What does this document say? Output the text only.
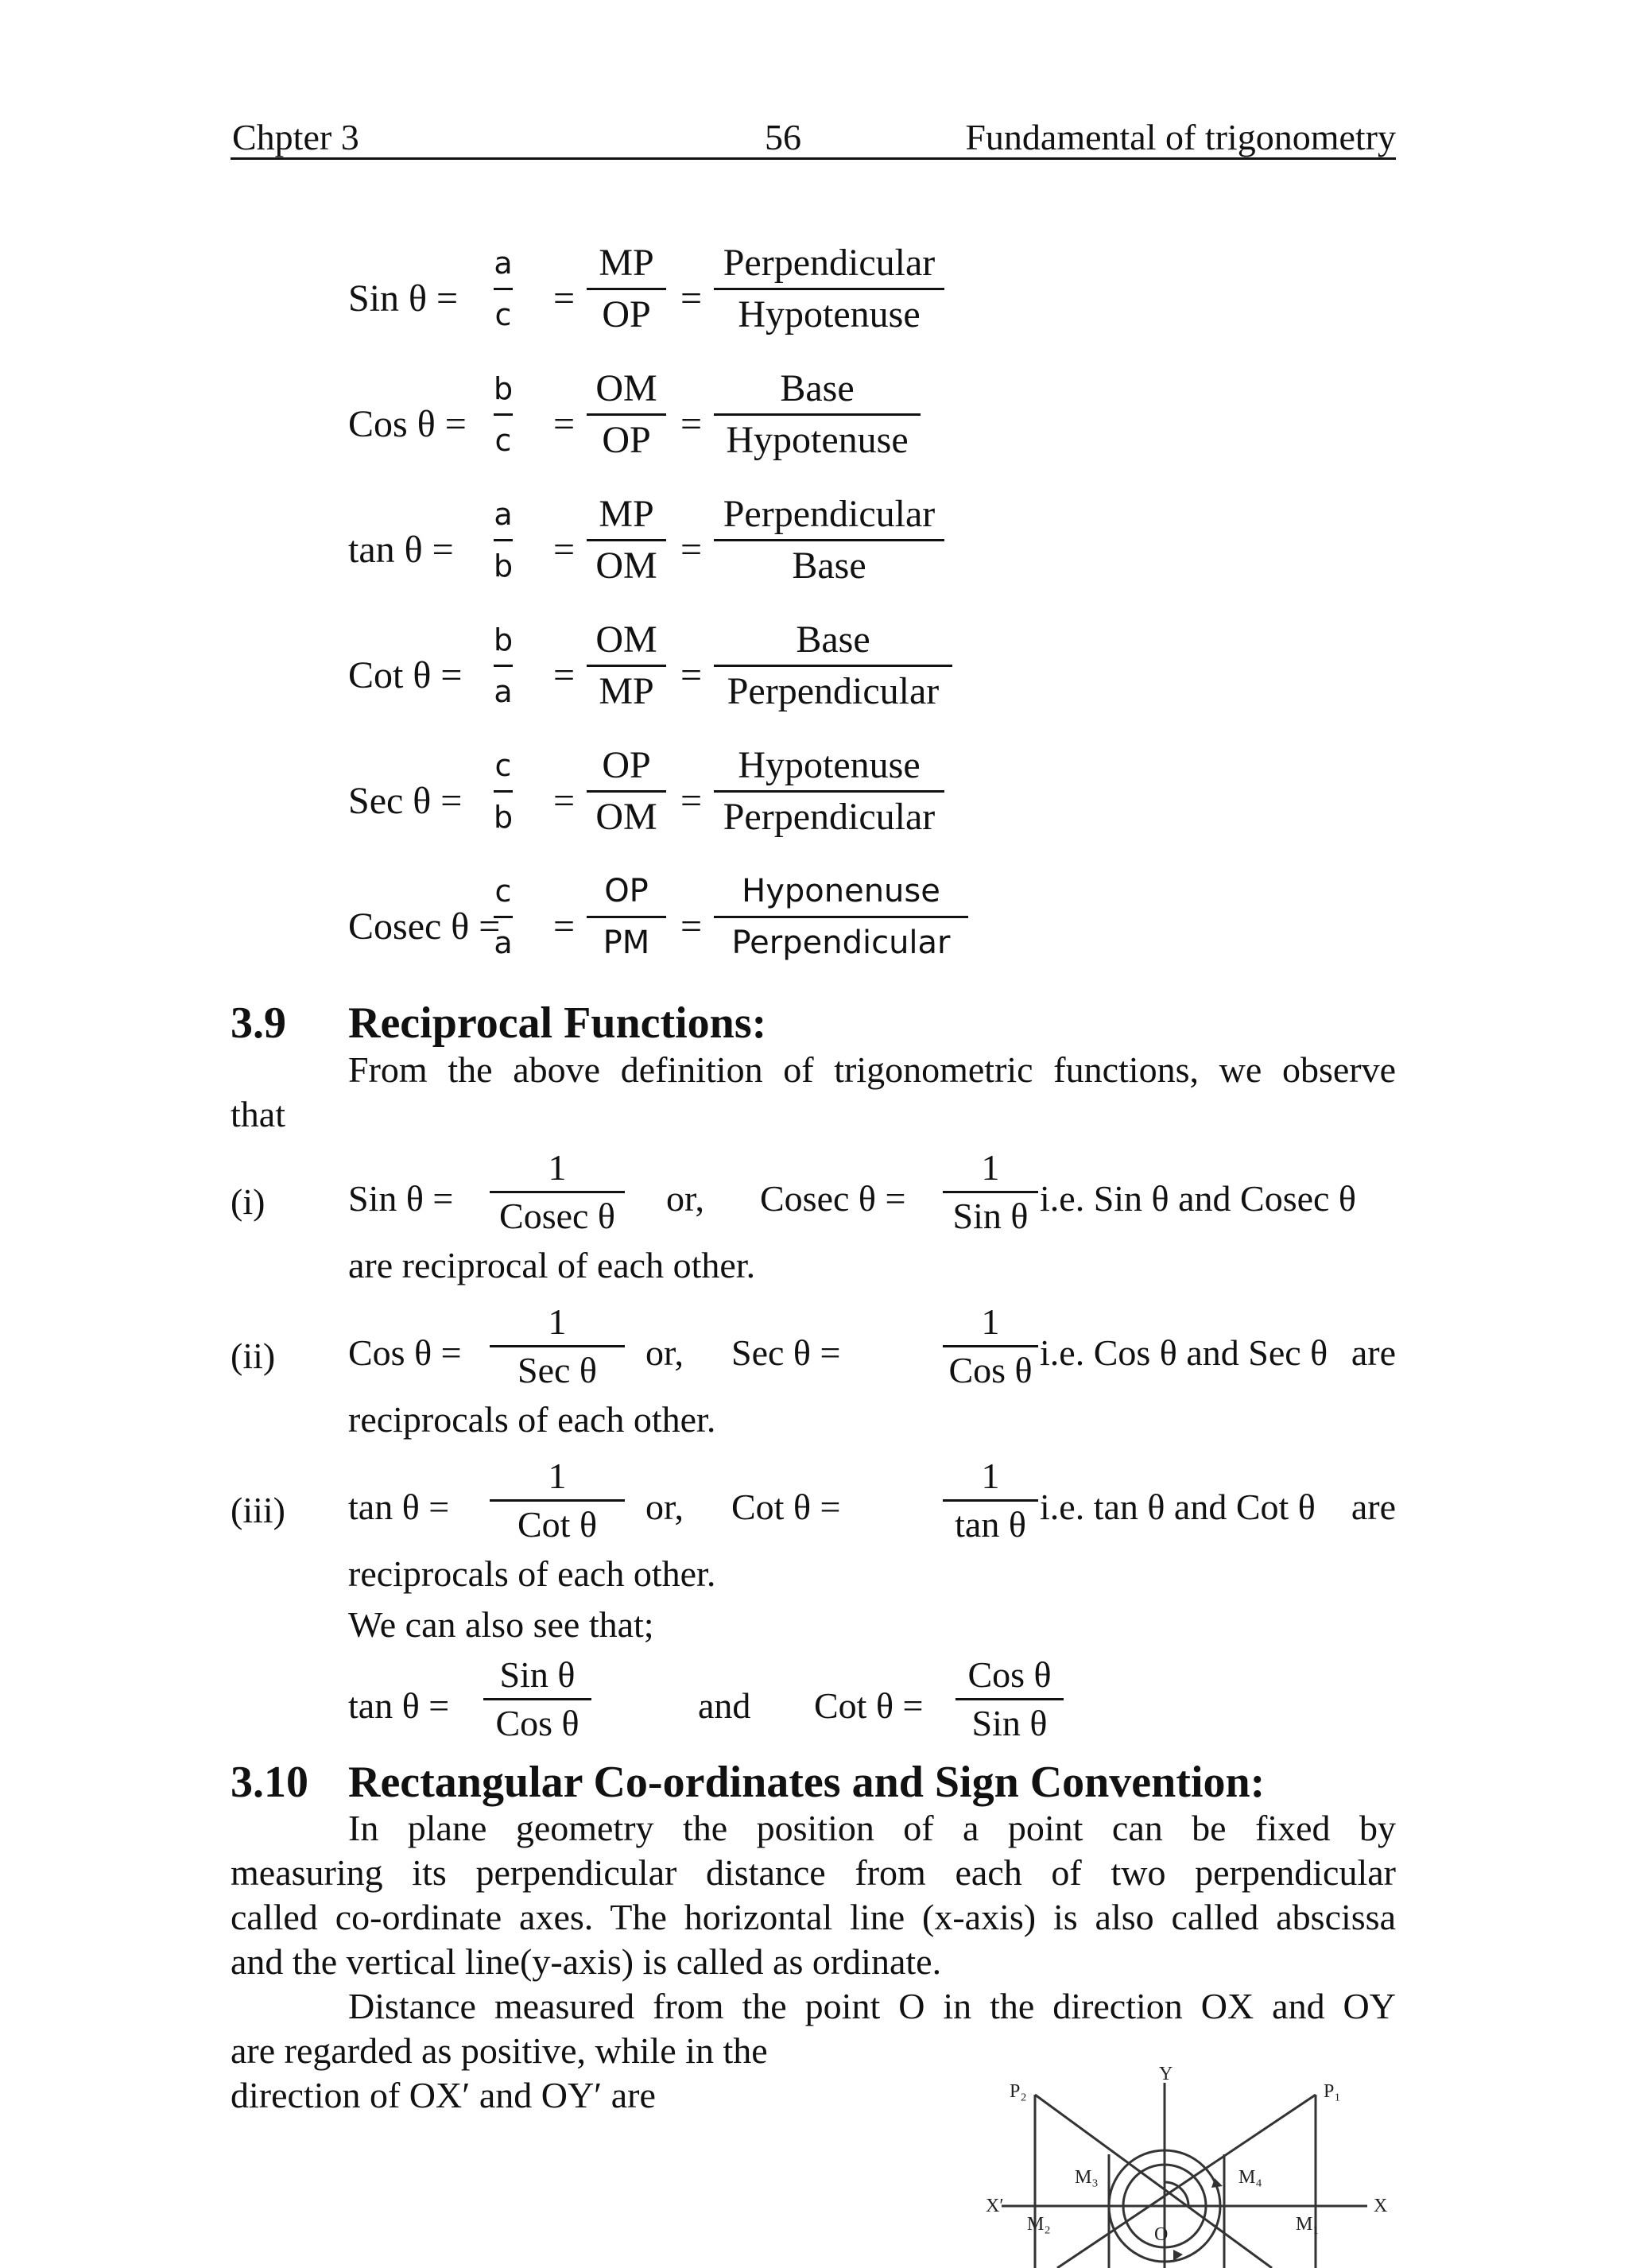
Chpter 3	56	Fundamental of trigonometry
Sin θ =
a
c	=
MP
OP =
Perpendicular
Hypotenuse
Cos θ =
b
c	=
OM
OP =
Base
Hypotenuse
tan θ =
a
b =
MP
OM =
Perpendicular
Base
Cot θ =
b
a =
OM
MP =
Base
Perpendicular
Sec θ =
c
b =
OP
OM =
Hypotenuse
Perpendicular
Cosec θ =
c
a =
OP
PM =
Hyponenuse
Perpendicular
3.9 Reciprocal Functions:
From the above definition of trigonometric functions, we observe
that
(i) Sin θ =
1
Cosec θ or, Cosec θ =
1
Sin θ i.e. Sin θ and Cosec θ
are reciprocal of each other.
(ii) Cos θ =
1
Sec θ	or, Sec θ =
1
Cos θ i.e. Cos θ and Sec θ are
reciprocals of each other.
(iii) tan θ =
1
Cot θ	or, Cot θ =
1
tan θ i.e. tan θ and Cot θ are
reciprocals of each other.
We can also see that;
tan θ =
Sin θ
Cos θ	and Cot θ =
Cos θ
Sin θ
3.10 Rectangular Co-ordinates and Sign Convention:
In plane geometry the position of a point can be fixed by
measuring its perpendicular distance from each of two perpendicular
called co-ordinate axes. The horizontal line (x-axis) is also called abscissa
and the vertical line(y-axis) is called as ordinate.
Distance measured from the point O in the direction OX and OY
are regarded as positive, while in the
direction of OX′ and OY′ are	P₂
Y
P₁
X′	X
M₃	M₄
M₂	M₁
O
